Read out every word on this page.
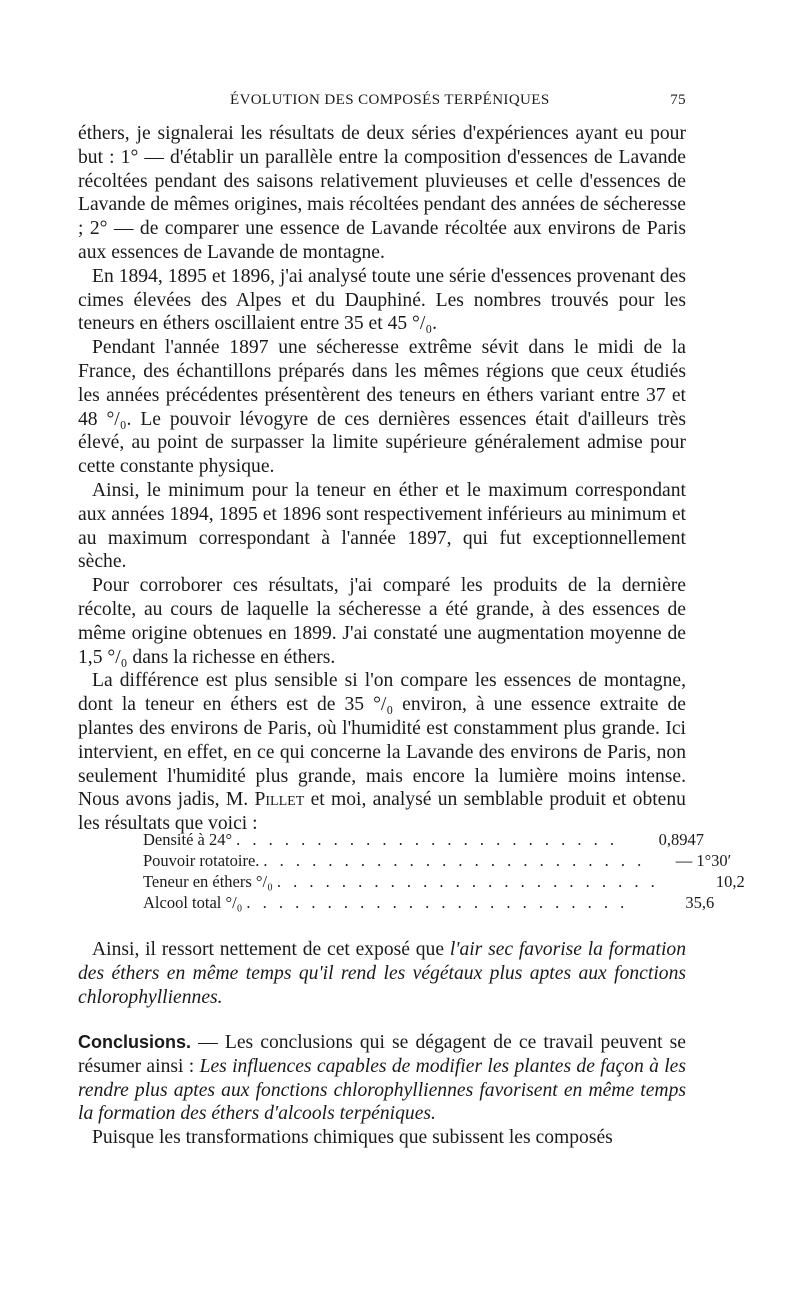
ÉVOLUTION DES COMPOSÉS TERPÉNIQUES	75

éthers, je signalerai les résultats de deux séries d'expériences ayant eu pour but : 1° — d'établir un parallèle entre la composition d'essences de Lavande récoltées pendant des saisons relativement pluvieuses et celle d'essences de Lavande de mêmes origines, mais récoltées pendant des années de sécheresse ; 2° — de comparer une essence de Lavande récoltée aux environs de Paris aux essences de Lavande de montagne.

En 1894, 1895 et 1896, j'ai analysé toute une série d'essences provenant des cimes élevées des Alpes et du Dauphiné. Les nombres trouvés pour les teneurs en éthers oscillaient entre 35 et 45 °/₀.

Pendant l'année 1897 une sécheresse extrême sévit dans le midi de la France, des échantillons préparés dans les mêmes régions que ceux étudiés les années précédentes présentèrent des teneurs en éthers variant entre 37 et 48 °/₀. Le pouvoir lévogyre de ces dernières essences était d'ailleurs très élevé, au point de surpasser la limite supérieure généralement admise pour cette constante physique.

Ainsi, le minimum pour la teneur en éther et le maximum correspondant aux années 1894, 1895 et 1896 sont respectivement inférieurs au minimum et au maximum correspondant à l'année 1897, qui fut exceptionnellement sèche.

Pour corroborer ces résultats, j'ai comparé les produits de la dernière récolte, au cours de laquelle la sécheresse a été grande, à des essences de même origine obtenues en 1899. J'ai constaté une augmentation moyenne de 1,5 °/₀ dans la richesse en éthers.

La différence est plus sensible si l'on compare les essences de montagne, dont la teneur en éthers est de 35 °/₀ environ, à une essence extraite de plantes des environs de Paris, où l'humidité est constamment plus grande. Ici intervient, en effet, en ce qui concerne la Lavande des environs de Paris, non seulement l'humidité plus grande, mais encore la lumière moins intense. Nous avons jadis, M. Pillet et moi, analysé un semblable produit et obtenu les résultats que voici :

Densité à 24° . . . . . . . . . . . . . . . . . . . . . . . .	0,8947
Pouvoir rotatoire. . . . . . . . . . . . . . . . . . . . . . . . .	— 1°30′
Teneur en éthers °/₀ . . . . . . . . . . . . . . . . . . . . . . . .	10,2
Alcool total °/₀ . . . . . . . . . . . . . . . . . . . . . . . .	35,6

Ainsi, il ressort nettement de cet exposé que l'air sec favorise la formation des éthers en même temps qu'il rend les végétaux plus aptes aux fonctions chlorophylliennes.

Conclusions. — Les conclusions qui se dégagent de ce travail peuvent se résumer ainsi : Les influences capables de modifier les plantes de façon à les rendre plus aptes aux fonctions chlorophylliennes favorisent en même temps la formation des éthers d'alcools terpéniques.

Puisque les transformations chimiques que subissent les composés
